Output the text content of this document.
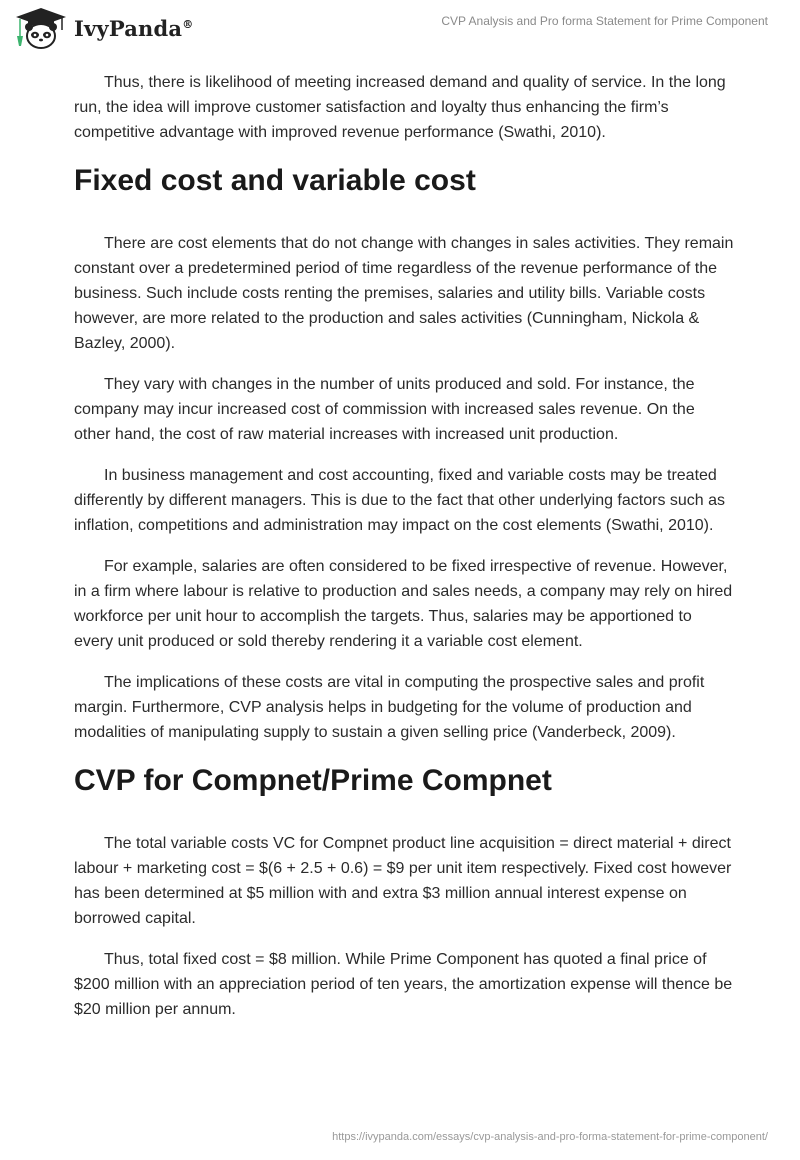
IvyPanda®	CVP Analysis and Pro forma Statement for Prime Component

Thus, there is likelihood of meeting increased demand and quality of service. In the long run, the idea will improve customer satisfaction and loyalty thus enhancing the firm’s competitive advantage with improved revenue performance (Swathi, 2010).

Fixed cost and variable cost

There are cost elements that do not change with changes in sales activities. They remain constant over a predetermined period of time regardless of the revenue performance of the business. Such include costs renting the premises, salaries and utility bills. Variable costs however, are more related to the production and sales activities (Cunningham, Nickola & Bazley, 2000).

They vary with changes in the number of units produced and sold. For instance, the company may incur increased cost of commission with increased sales revenue. On the other hand, the cost of raw material increases with increased unit production.

In business management and cost accounting, fixed and variable costs may be treated differently by different managers. This is due to the fact that other underlying factors such as inflation, competitions and administration may impact on the cost elements (Swathi, 2010).

For example, salaries are often considered to be fixed irrespective of revenue. However, in a firm where labour is relative to production and sales needs, a company may rely on hired workforce per unit hour to accomplish the targets. Thus, salaries may be apportioned to every unit produced or sold thereby rendering it a variable cost element.

The implications of these costs are vital in computing the prospective sales and profit margin. Furthermore, CVP analysis helps in budgeting for the volume of production and modalities of manipulating supply to sustain a given selling price (Vanderbeck, 2009).

CVP for Compnet/Prime Compnet

The total variable costs VC for Compnet product line acquisition = direct material + direct labour + marketing cost = $(6 + 2.5 + 0.6) = $9 per unit item respectively. Fixed cost however has been determined at $5 million with and extra $3 million annual interest expense on borrowed capital.

Thus, total fixed cost = $8 million. While Prime Component has quoted a final price of $200 million with an appreciation period of ten years, the amortization expense will thence be $20 million per annum.

https://ivypanda.com/essays/cvp-analysis-and-pro-forma-statement-for-prime-component/
